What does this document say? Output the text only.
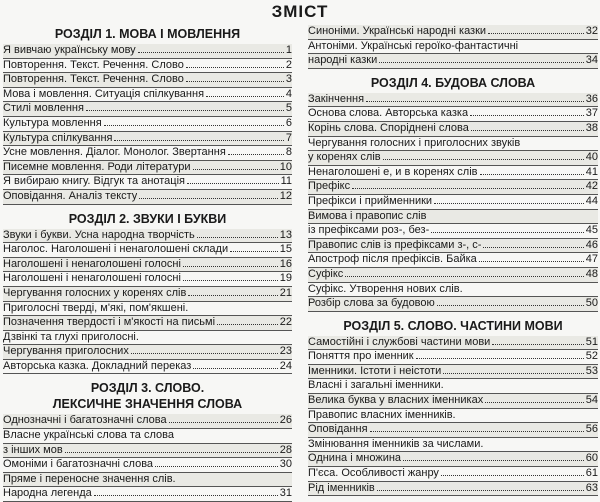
ЗМІСТ
РОЗДІЛ 1. МОВА І МОВЛЕННЯ
Я вивчаю українську мову	1
Повторення. Текст. Речення. Слово	2
Повторення. Текст. Речення. Слово	3
Мова і мовлення. Ситуація спілкування	4
Стилі мовлення	5
Культура мовлення	6
Культура спілкування	7
Усне мовлення. Діалог. Монолог. Звертання	8
Писемне мовлення. Роди літератури	10
Я вибираю книгу. Відгук та анотація	11
Оповідання. Аналіз тексту	12
РОЗДІЛ 2. ЗВУКИ І БУКВИ
Звуки і букви. Усна народна творчість	13
Наголос. Наголошені і ненаголошені склади	15
Наголошені і ненаголошені голосні	16
Наголошені і ненаголошені голосні	19
Чергування голосних у коренях слів	21
Приголосні тверді, м'які, пом'якшені.
Позначення твердості і м'якості на письмі	22
Дзвінкі та глухі приголосні.
Чергування приголосних	23
Авторська казка. Докладний переказ	24
РОЗДІЛ 3. СЛОВО.
ЛЕКСИЧНЕ ЗНАЧЕННЯ СЛОВА
Однозначні і багатозначні слова	26
Власне українські слова та слова
з інших мов	28
Омоніми і багатозначні слова	30
Пряме і переносне значення слів.
Народна легенда	31
Синоніми. Українські народні казки	32
Антоніми. Українські героїко-фантастичні
народні казки	34
РОЗДІЛ 4. БУДОВА СЛОВА
Закінчення	36
Основа слова. Авторська казка	37
Корінь слова. Споріднені слова	38
Чергування голосних і приголосних звуків
у коренях слів	40
Ненаголошені е, и в коренях слів	41
Префікс	42
Префікси і прийменники	44
Вимова і правопис слів
із префіксами роз-, без-	45
Правопис слів із префіксами з-, с-	46
Апостроф після префіксів. Байка	47
Суфікс	48
Суфікс. Утворення нових слів.
Розбір слова за будовою	50
РОЗДІЛ 5. СЛОВО. ЧАСТИНИ МОВИ
Самостійні і службові частини мови	51
Поняття про іменник	52
Іменники. Істоти і неістоти	53
Власні і загальні іменники.
Велика буква у власних іменниках	54
Правопис власних іменників.
Оповідання	56
Змінювання іменників за числами.
Однина і множина	60
П'єса. Особливості жанру	61
Рід іменників	63
